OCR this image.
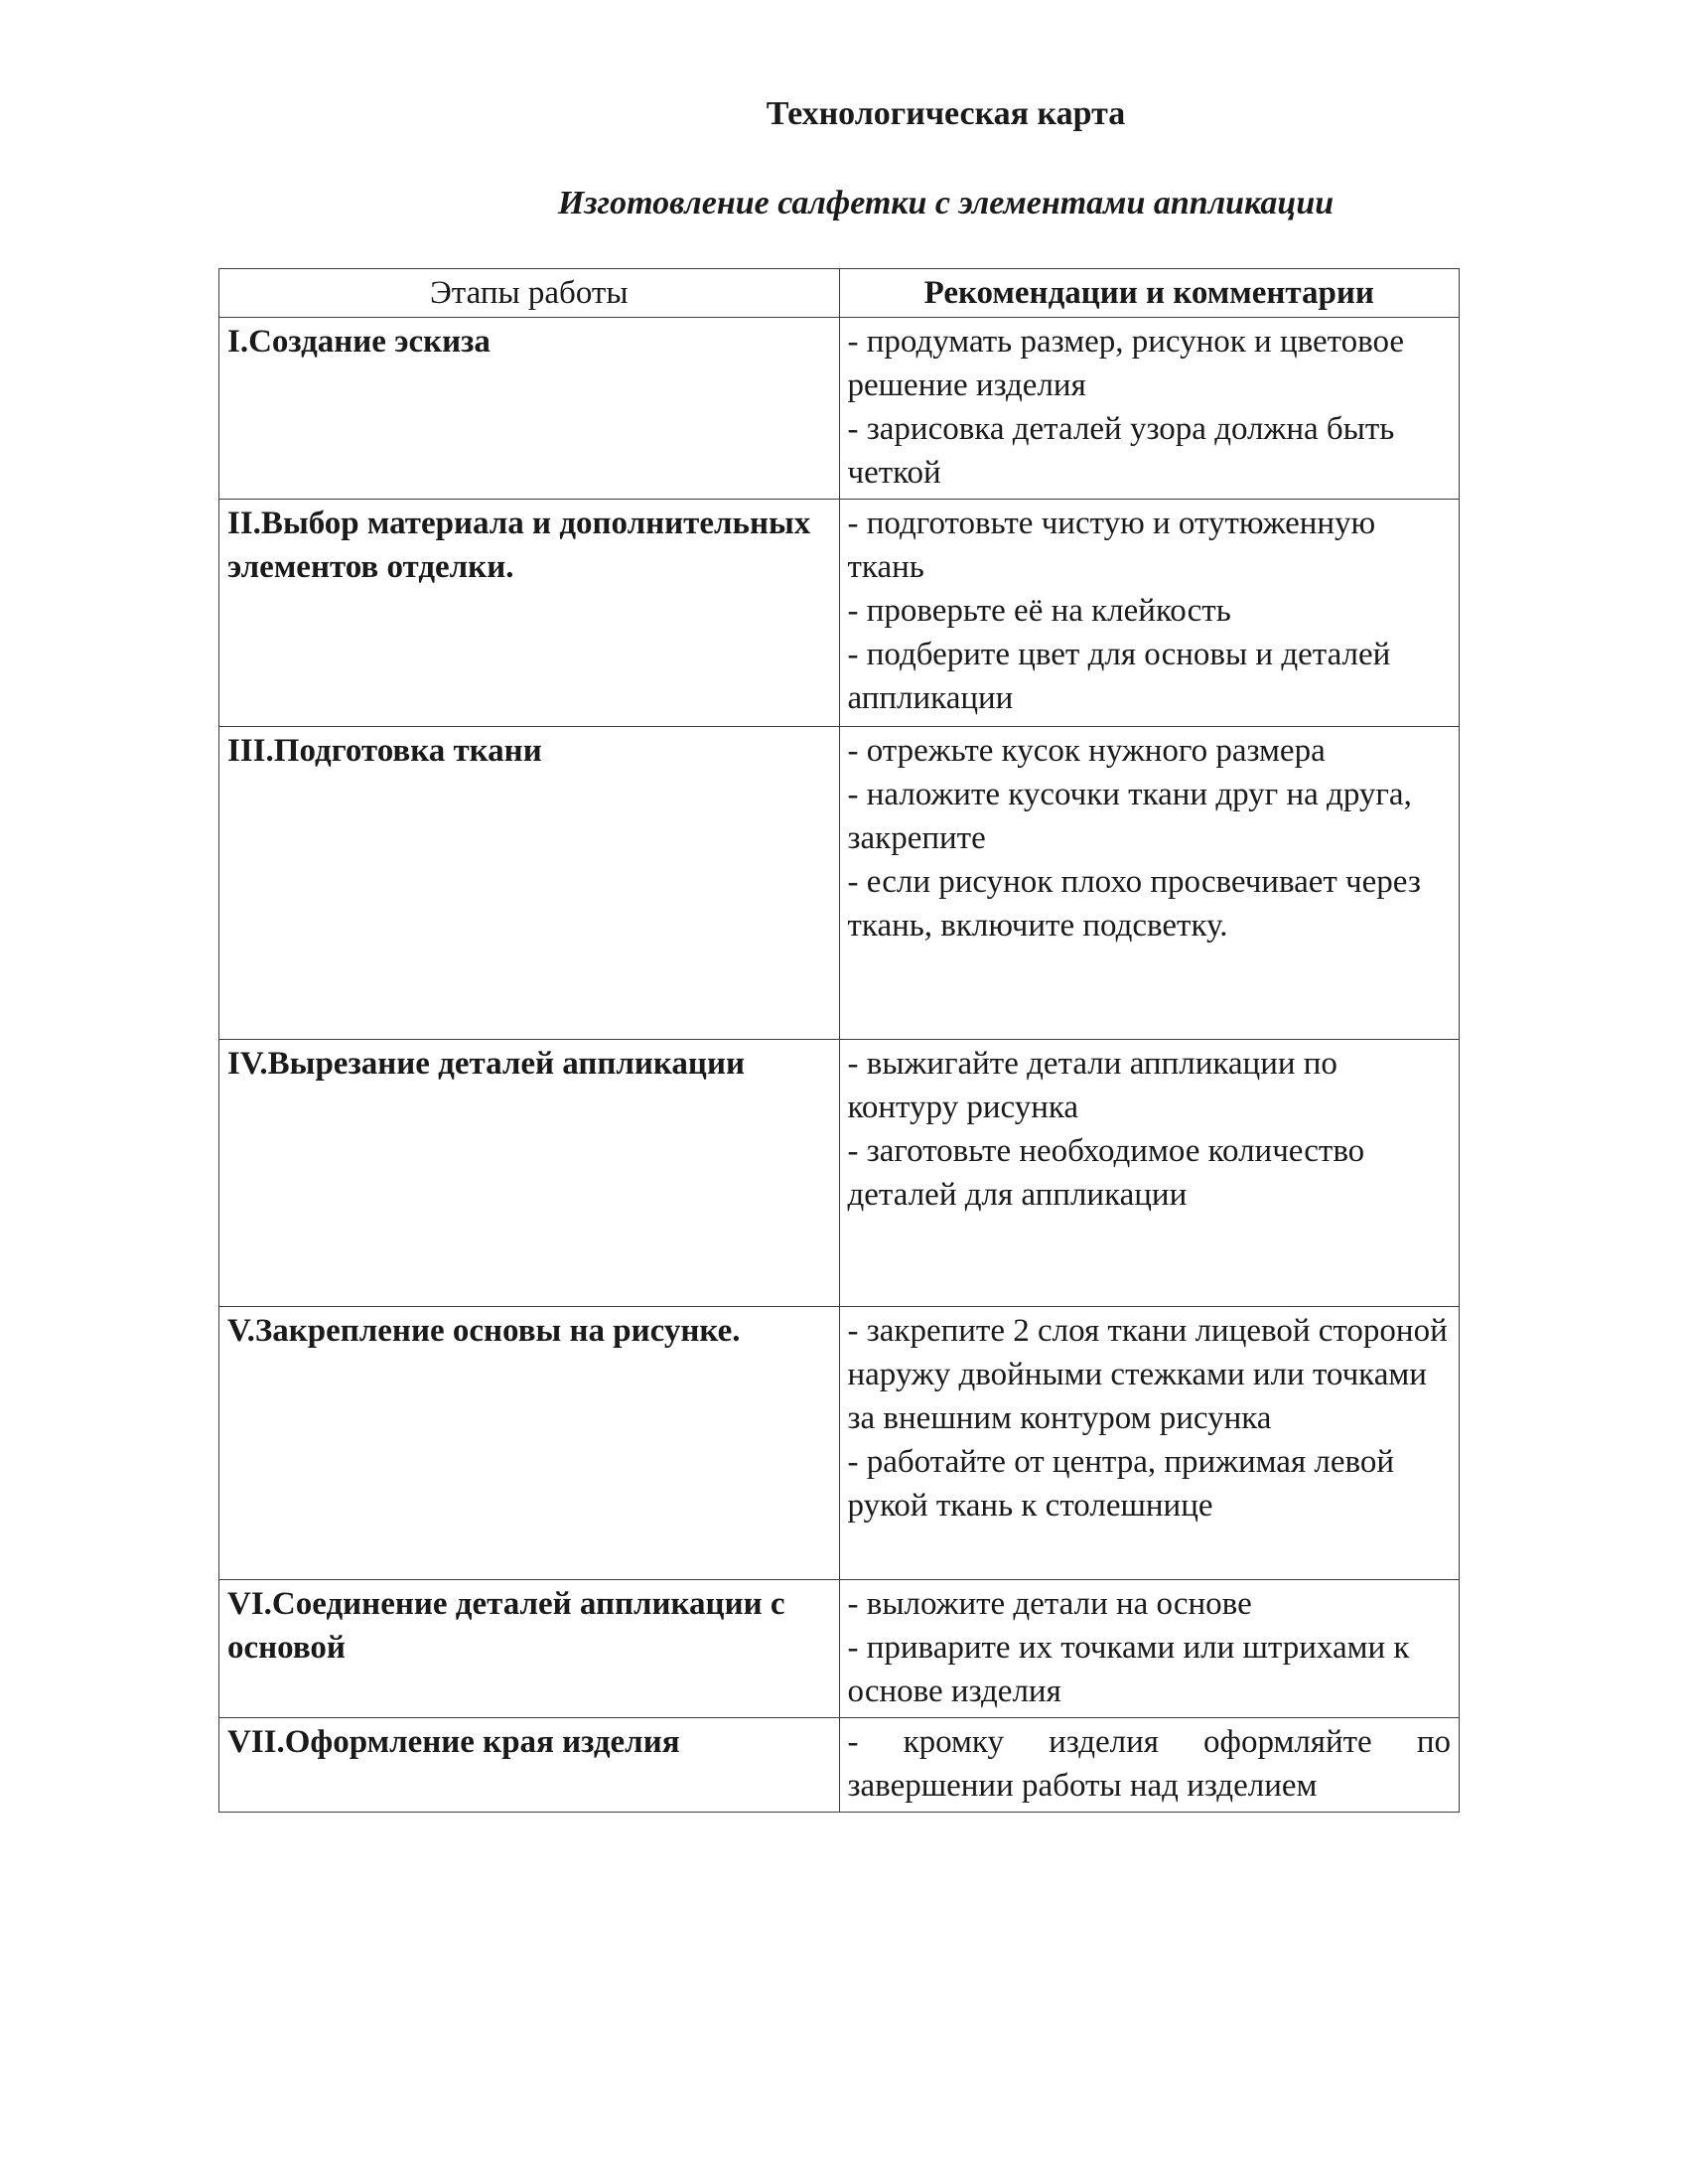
Технологическая карта
Изготовление салфетки с элементами аппликации
Этапы работы	Рекомендации и комментарии
I.Создание эскиза	- продумать размер, рисунок и цветовое решение изделия
- зарисовка деталей узора должна быть четкой

II.Выбор материала и дополнительных элементов отделки.	- подготовьте чистую и отутюженную ткань
- проверьте её на клейкость
- подберите цвет для основы и деталей аппликации

III.Подготовка ткани	- отрежьте кусок нужного размера
- наложите кусочки ткани друг на друга, закрепите
- если рисунок плохо просвечивает через ткань, включите подсветку.

IV.Вырезание деталей аппликации	- выжигайте детали аппликации по контуру рисунка
- заготовьте необходимое количество деталей для аппликации

V.Закрепление основы на рисунке.	- закрепите 2 слоя ткани лицевой стороной наружу двойными стежками или точками за внешним контуром рисунка
- работайте от центра, прижимая левой рукой ткань к столешнице

VI.Соединение деталей аппликации с основой	- выложите детали на основе
- приварите их точками или штрихами к основе изделия

VII.Оформление края изделия	- кромку изделия оформляйте по завершении работы над изделием
